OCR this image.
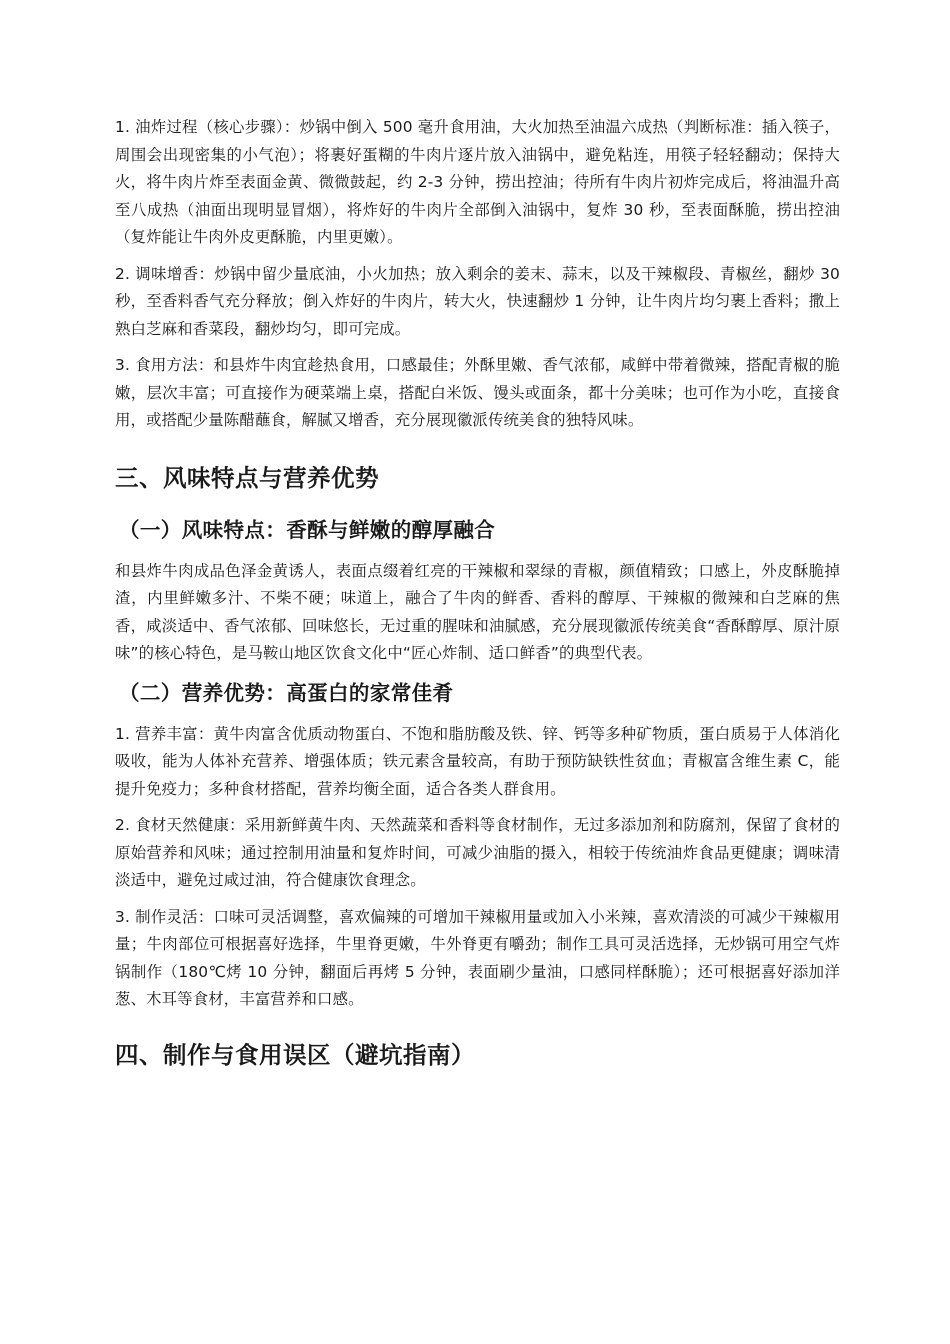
1. 油炸过程（核心步骤）：炒锅中倒入 500 毫升食用油，大火加热至油温六成热（判断标准：插入筷子，周围会出现密集的小气泡）；将裹好蛋糊的牛肉片逐片放入油锅中，避免粘连，用筷子轻轻翻动；保持大火，将牛肉片炸至表面金黄、微微鼓起，约 2-3 分钟，捞出控油；待所有牛肉片初炸完成后，将油温升高至八成热（油面出现明显冒烟），将炸好的牛肉片全部倒入油锅中，复炸 30 秒，至表面酥脆，捞出控油（复炸能让牛肉外皮更酥脆，内里更嫩）。

2. 调味增香：炒锅中留少量底油，小火加热；放入剩余的姜末、蒜末，以及干辣椒段、青椒丝，翻炒 30 秒，至香料香气充分释放；倒入炸好的牛肉片，转大火，快速翻炒 1 分钟，让牛肉片均匀裹上香料；撒上熟白芝麻和香菜段，翻炒均匀，即可完成。

3. 食用方法：和县炸牛肉宜趁热食用，口感最佳；外酥里嫩、香气浓郁，咸鲜中带着微辣，搭配青椒的脆嫩，层次丰富；可直接作为硬菜端上桌，搭配白米饭、馒头或面条，都十分美味；也可作为小吃，直接食用，或搭配少量陈醋蘸食，解腻又增香，充分展现徽派传统美食的独特风味。

三、风味特点与营养优势
（一）风味特点：香酥与鲜嫩的醇厚融合

和县炸牛肉成品色泽金黄诱人，表面点缀着红亮的干辣椒和翠绿的青椒，颜值精致；口感上，外皮酥脆掉渣，内里鲜嫩多汁、不柴不硬；味道上，融合了牛肉的鲜香、香料的醇厚、干辣椒的微辣和白芝麻的焦香，咸淡适中、香气浓郁、回味悠长，无过重的腥味和油腻感，充分展现徽派传统美食“香酥醇厚、原汁原味”的核心特色，是马鞍山地区饮食文化中“匠心炸制、适口鲜香”的典型代表。

（二）营养优势：高蛋白的家常佳肴

1. 营养丰富：黄牛肉富含优质动物蛋白、不饱和脂肪酸及铁、锌、钙等多种矿物质，蛋白质易于人体消化吸收，能为人体补充营养、增强体质；铁元素含量较高，有助于预防缺铁性贫血；青椒富含维生素 C，能提升免疫力；多种食材搭配，营养均衡全面，适合各类人群食用。

2. 食材天然健康：采用新鲜黄牛肉、天然蔬菜和香料等食材制作，无过多添加剂和防腐剂，保留了食材的原始营养和风味；通过控制用油量和复炸时间，可减少油脂的摄入，相较于传统油炸食品更健康；调味清淡适中，避免过咸过油，符合健康饮食理念。

3. 制作灵活：口味可灵活调整，喜欢偏辣的可增加干辣椒用量或加入小米辣，喜欢清淡的可减少干辣椒用量；牛肉部位可根据喜好选择，牛里脊更嫩，牛外脊更有嚼劲；制作工具可灵活选择，无炒锅可用空气炸锅制作（180℃烤 10 分钟，翻面后再烤 5 分钟，表面刷少量油，口感同样酥脆）；还可根据喜好添加洋葱、木耳等食材，丰富营养和口感。

四、制作与食用误区（避坑指南）
